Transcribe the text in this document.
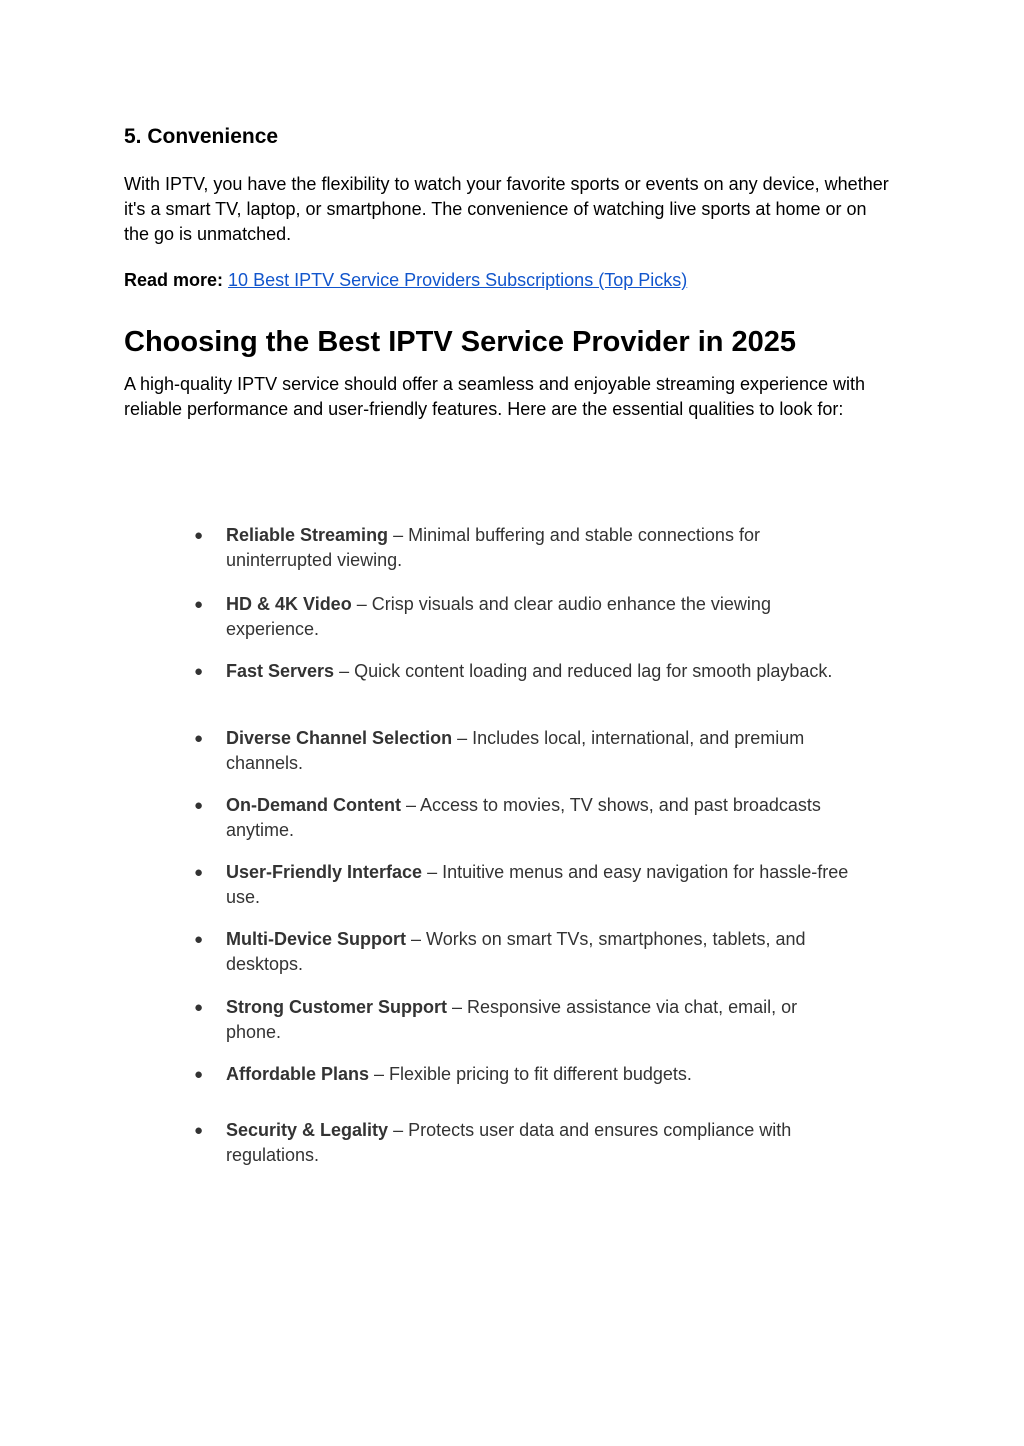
5. Convenience

With IPTV, you have the flexibility to watch your favorite sports or events on any device, whether it's a smart TV, laptop, or smartphone. The convenience of watching live sports at home or on the go is unmatched.

Read more: 10 Best IPTV Service Providers Subscriptions (Top Picks)

Choosing the Best IPTV Service Provider in 2025

A high-quality IPTV service should offer a seamless and enjoyable streaming experience with reliable performance and user-friendly features. Here are the essential qualities to look for:

●	Reliable Streaming – Minimal buffering and stable connections for uninterrupted viewing.
●	HD & 4K Video – Crisp visuals and clear audio enhance the viewing experience.
●	Fast Servers – Quick content loading and reduced lag for smooth playback.
●	Diverse Channel Selection – Includes local, international, and premium channels.
●	On-Demand Content – Access to movies, TV shows, and past broadcasts anytime.
●	User-Friendly Interface – Intuitive menus and easy navigation for hassle-free use.
●	Multi-Device Support – Works on smart TVs, smartphones, tablets, and desktops.
●	Strong Customer Support – Responsive assistance via chat, email, or phone.
●	Affordable Plans – Flexible pricing to fit different budgets.
●	Security & Legality – Protects user data and ensures compliance with regulations.
